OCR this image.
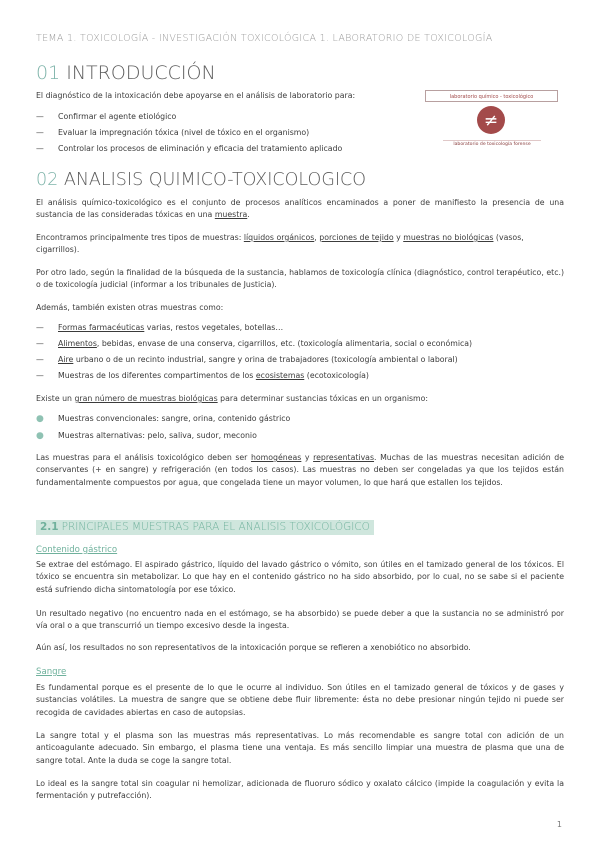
TEMA 1. TOXICOLOGÍA - INVESTIGACIÓN TOXICOLÓGICA 1. LABORATORIO DE TOXICOLOGÍA
01 INTRODUCCIÓN
El diagnóstico de la intoxicación debe apoyarse en el análisis de laboratorio para:
— Confirmar el agente etiológico
— Evaluar la impregnación tóxica (nivel de tóxico en el organismo)
— Controlar los procesos de eliminación y eficacia del tratamiento aplicado
laboratorio químico - toxicológico
≠
laboratorio de toxicología forense
02 ANALISIS QUIMICO-TOXICOLOGICO
El análisis químico-toxicológico es el conjunto de procesos analíticos encaminados a poner de manifiesto la presencia de una sustancia de las consideradas tóxicas en una muestra.
Encontramos principalmente tres tipos de muestras: líquidos orgánicos, porciones de tejido y muestras no biológicas (vasos, cigarrillos).
Por otro lado, según la finalidad de la búsqueda de la sustancia, hablamos de toxicología clínica (diagnóstico, control terapéutico, etc.) o de toxicología judicial (informar a los tribunales de Justicia).
Además, también existen otras muestras como:
— Formas farmacéuticas varias, restos vegetales, botellas…
— Alimentos, bebidas, envase de una conserva, cigarrillos, etc. (toxicología alimentaria, social o económica)
— Aire urbano o de un recinto industrial, sangre y orina de trabajadores (toxicología ambiental o laboral)
— Muestras de los diferentes compartimentos de los ecosistemas (ecotoxicología)
Existe un gran número de muestras biológicas para determinar sustancias tóxicas en un organismo:
● Muestras convencionales: sangre, orina, contenido gástrico
● Muestras alternativas: pelo, saliva, sudor, meconio
Las muestras para el análisis toxicológico deben ser homogéneas y representativas. Muchas de las muestras necesitan adición de conservantes (+ en sangre) y refrigeración (en todos los casos). Las muestras no deben ser congeladas ya que los tejidos están fundamentalmente compuestos por agua, que congelada tiene un mayor volumen, lo que hará que estallen los tejidos.
2.1 PRINCIPALES MUESTRAS PARA EL ANALISIS TOXICOLÓGICO
Contenido gástrico
Se extrae del estómago. El aspirado gástrico, líquido del lavado gástrico o vómito, son útiles en el tamizado general de los tóxicos. El tóxico se encuentra sin metabolizar. Lo que hay en el contenido gástrico no ha sido absorbido, por lo cual, no se sabe si el paciente está sufriendo dicha sintomatología por ese tóxico.
Un resultado negativo (no encuentro nada en el estómago, se ha absorbido) se puede deber a que la sustancia no se administró por vía oral o a que transcurrió un tiempo excesivo desde la ingesta.
Aún así, los resultados no son representativos de la intoxicación porque se refieren a xenobiótico no absorbido.
Sangre
Es fundamental porque es el presente de lo que le ocurre al individuo. Son útiles en el tamizado general de tóxicos y de gases y sustancias volátiles. La muestra de sangre que se obtiene debe fluir libremente: ésta no debe presionar ningún tejido ni puede ser recogida de cavidades abiertas en caso de autopsias.
La sangre total y el plasma son las muestras más representativas. Lo más recomendable es sangre total con adición de un anticoagulante adecuado. Sin embargo, el plasma tiene una ventaja. Es más sencillo limpiar una muestra de plasma que una de sangre total. Ante la duda se coge la sangre total.
Lo ideal es la sangre total sin coagular ni hemolizar, adicionada de fluoruro sódico y oxalato cálcico (impide la coagulación y evita la fermentación y putrefacción).
1
